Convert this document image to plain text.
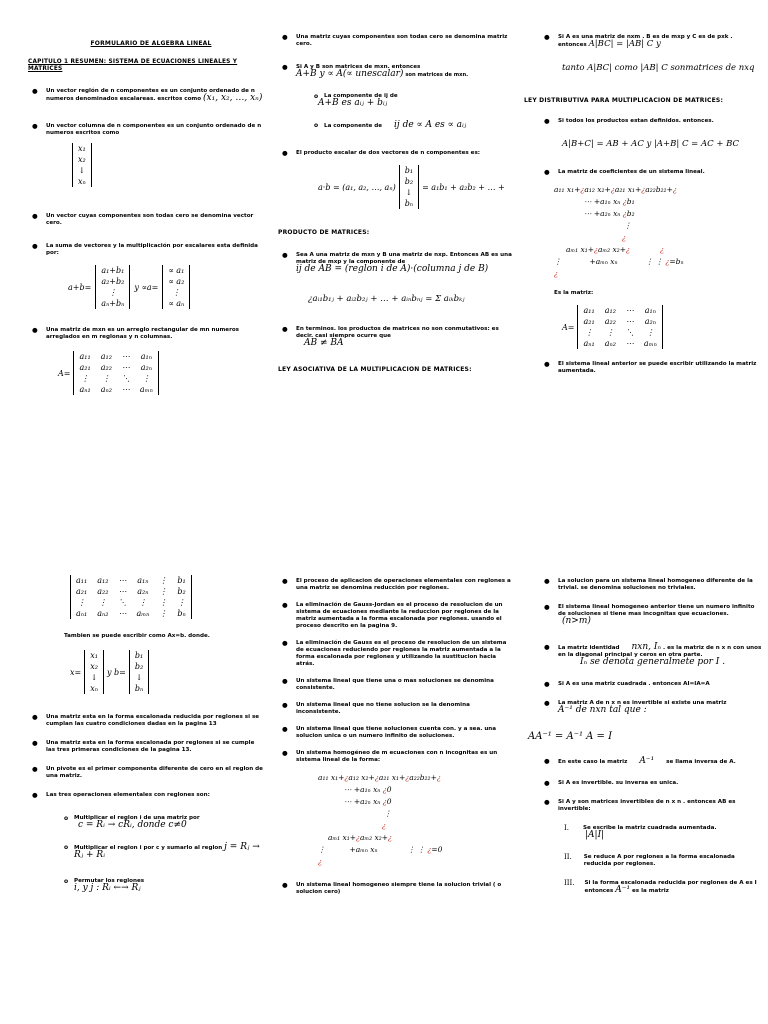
FORMULARIO DE ALGEBRA LINEAL
CAPITULO 1 RESUMEN: SISTEMA DE ECUACIONES LINEALES Y MATRICES
● Un vector reglón de n componentes es un conjunto ordenado de n numeros denominados escalareas. escritos como (x₁, x₂, …, xₙ)
● Un vector columna de n componentes es un conjunto ordenado de n numeros escritos como
x₁
x₂
↓
xₙ
● Un vector cuyas componentes son todas cero se denomina vector cero.
● La suma de vectores y la multiplicación por escalares esta definida por:
a+b=
a₁+b₁
a₂+b₂
⋮
aₙ+bₙ
y ∝a=
∝ a₁
∝ a₂
⋮
∝ aₙ
● Una matriz de mxn es un arreglo rectangular de mn numeros arreglados en m reglonas y n columnas.
A=
a₁₁	a₁₂	⋯	a₁ₙ
a₂₁	a₂₂	⋯	a₂ₙ
⋮	⋮	⋱	⋮
aₙ₁	aₙ₂	⋯	aₘₙ
a₁₁	a₁₂	⋯	a₁ₙ	⋮	b₁
a₂₁	a₂₂	⋯	a₂ₙ	⋮	b₂
⋮	⋮	⋱	⋮	⋮	⋮
aₙ₁	aₙ₂	⋯	aₘₙ	⋮	bₙ
Tambien se puede escribir como Ax=b. donde.
x=
x₁
x₂
↓
xₙ
y b=
b₁
b₂
↓
bₙ
● Una matriz esta en la forma escalonada reducida por reglones si se cumplan las cuatro condiciones dadas en la pagina 13
● Una matriz esta en la forma escalonada por reglones si se cumple las tres primeras condiciones de la pagina 13.
● Un pivote es el primer componenta diferente de cero en el reglon de una matriz.
● Las tres operaciones elementales con reglones son:
o Multiplicar el reglon i de una matriz por
c = Rᵢ → cRᵢ, donde c≠0
o Multiplicar el reglon i por c y sumarlo al reglon j = Rⱼ → Rⱼ + Rᵢ
o Permutar los reglones
i, y j : Rᵢ ←→ Rⱼ
● Una matriz cuyas componentes son todas cero se denomina matriz cero.
● Si A y B son matrices de mxn. entonces
A+B y ∝ A(∝ unescalar) son matrices de mxn.
o La componente de ij de
A+B es aᵢⱼ + bᵢⱼ
o La componente de ij de ∝ A es ∝ aᵢⱼ
● El producto escalar de dos vectores de n componentes es:
a·b = (a₁, a₂, …, aₙ)
b₁
b₂
↓
bₙ
= a₁b₁ + a₂b₂ + … +
PRODUCTO DE MATRICES:
● Sea A una matriz de mxn y B una matriz de nxp. Entonces AB es una matriz de mxp y la componente de
ij de AB = (reglon i de A)·(columna j de B)
¿aᵢ₁b₁ⱼ + aᵢ₂b₂ⱼ + … + aᵢₙbₙⱼ = Σ aᵢₖbₖⱼ
● En terminos. los productos de matrices no son conmutativos: es decir. casi siempre ocurre que
AB ≠ BA
LEY ASOCIATIVA DE LA MULTIPLICACION DE MATRICES:
● El proceso de aplicacion de operaciones elementales con reglones a una matriz se denomina reducción por reglones.
● La eliminación de Gauss-Jordan es el proceso de resolucion de un sistema de ecuaciones mediante la reduccion por reglones de la matriz aumentada a la forma escalonada por reglones. usando el proceso descrito en la pagina 9.
● La eliminación de Gauss es el proceso de resolucion de un sistema de ecuaciones reduciendo por reglones la matriz aumentada a la forma escalonada por reglones y utilizando la sustitucion hacia atrás.
● Un sistema lineal que tiene una o mas soluciones se denomina consistente.
● Un sistema lineal que no tiene solucion se la denomina inconsistente.
● Un sistema lineal que tiene soluciones cuenta con. y a sea. una solucion unica o un numero infinito de soluciones.
● Un sistema homogéneo de m ecuaciones con n incognitas es un sistema lineal de la forma:
a₁₁ x₁+¿a₁₂ x₂+¿a₂₁ x₁+¿a₂₂b₂₂+¿
⋯ +a₁ₙ xₙ ¿0
⋯ +a₂ₙ xₙ ¿0
⋮
¿
aₘ₁ x₁+¿aₘ₂ x₂+¿
⋮	+aₘₙ xₙ	⋮ ⋮ ¿=0
¿
● Un sistema lineal homogeneo siempre tiene la solucion trivial ( o solucion cero)
● Si A es una matriz de nxm . B es de mxp y C es de pxk . entonces A|BC| = |AB| C y
tanto A|BC| como |AB| C sonmatrices de nxq
LEY DISTRIBUTIVA PARA MULTIPLICACION DE MATRICES:
● Si todos los productos estan definidos. entonces.
A|B+C| = AB + AC y |A+B| C = AC + BC
● La matriz de coeficientes de un sistema lineal.
a₁₁ x₁+¿a₁₂ x₂+¿a₂₁ x₁+¿a₂₂b₂₂+¿
⋯ +a₁ₙ xₙ ¿b₁
⋯ +a₂ₙ xₙ ¿b₂
⋮
¿
aₘ₁ x₁+¿aₘ₂ x₂+¿	¿
⋮	+aₘₙ xₙ	⋮ ⋮ ¿=bₙ
¿
Es la matriz:
A=
a₁₁	a₁₂	⋯	a₁ₙ
a₂₁	a₂₂	⋯	a₂ₙ
⋮	⋮	⋱	⋮
aₙ₁	aₙ₂	⋯	aₘₙ
● El sistema lineal anterior se puede escribir utilizando la matriz aumentada.
● La solucion para un sistema lineal homogeneo diferente de la trivial. se denomina soluciones no triviales.
● El sistema lineal homogeneo anterior tiene un numero infinito de soluciones si tiene mas incognitas que ecuaciones. (n>m)
● La matriz identidad nxn, Iₙ . es la matriz de n x n con unos en la diagonal principal y ceros en otra parte.
Iₙ se denota generalmete por I .
● Si A es una matriz cuadrada . entonces AI=IA=A
● La matriz A de n x n es invertible si existe una matriz
A⁻¹ de nxn tal que :
AA⁻¹ = A⁻¹ A = I
● En este caso la matriz A⁻¹ se llama inversa de A.
● Si A es invertible. su inversa es unica.
● Si A y son matrices invertibles de n x n . entonces AB es invertible:
I.	Se escribe la matriz cuadrada aumentada.
|A|I|
II. Se reduce A por reglones a la forma escalonada reducida por reglones.
III. Si la forma escalonada reducida por reglones de A es I entonces A⁻¹ es la matriz
